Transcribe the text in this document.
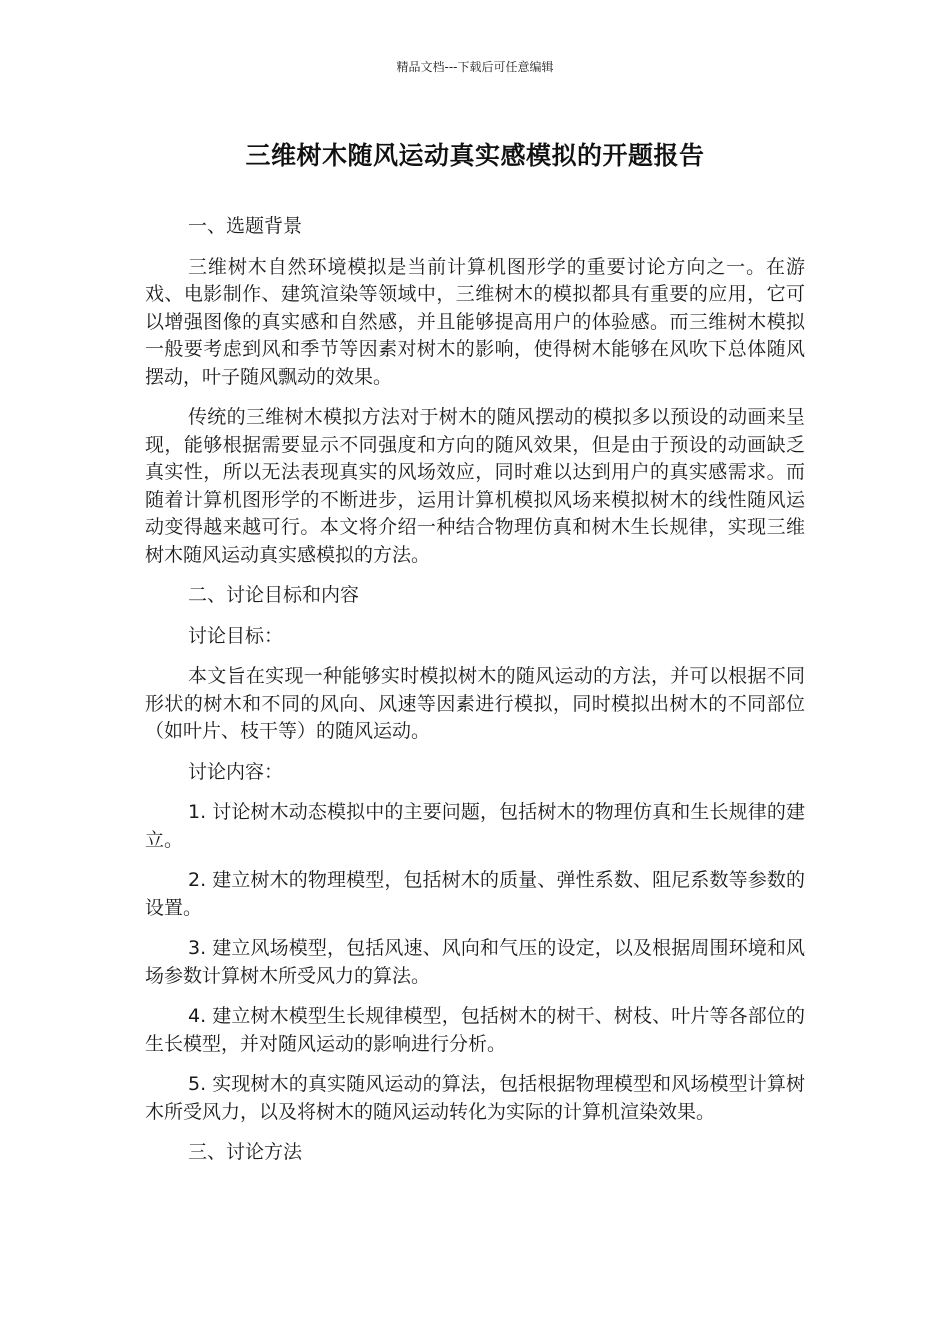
精品文档---下载后可任意编辑
三维树木随风运动真实感模拟的开题报告

一、选题背景

三维树木自然环境模拟是当前计算机图形学的重要讨论方向之一。在游戏、电影制作、建筑渲染等领域中，三维树木的模拟都具有重要的应用，它可以增强图像的真实感和自然感，并且能够提高用户的体验感。而三维树木模拟一般要考虑到风和季节等因素对树木的影响，使得树木能够在风吹下总体随风摆动，叶子随风飘动的效果。

传统的三维树木模拟方法对于树木的随风摆动的模拟多以预设的动画来呈现，能够根据需要显示不同强度和方向的随风效果，但是由于预设的动画缺乏真实性，所以无法表现真实的风场效应，同时难以达到用户的真实感需求。而随着计算机图形学的不断进步，运用计算机模拟风场来模拟树木的线性随风运动变得越来越可行。本文将介绍一种结合物理仿真和树木生长规律，实现三维树木随风运动真实感模拟的方法。

二、讨论目标和内容

讨论目标：

本文旨在实现一种能够实时模拟树木的随风运动的方法，并可以根据不同形状的树木和不同的风向、风速等因素进行模拟，同时模拟出树木的不同部位（如叶片、枝干等）的随风运动。

讨论内容：

1. 讨论树木动态模拟中的主要问题，包括树木的物理仿真和生长规律的建立。

2. 建立树木的物理模型，包括树木的质量、弹性系数、阻尼系数等参数的设置。

3. 建立风场模型，包括风速、风向和气压的设定，以及根据周围环境和风场参数计算树木所受风力的算法。

4. 建立树木模型生长规律模型，包括树木的树干、树枝、叶片等各部位的生长模型，并对随风运动的影响进行分析。

5. 实现树木的真实随风运动的算法，包括根据物理模型和风场模型计算树木所受风力，以及将树木的随风运动转化为实际的计算机渲染效果。

三、讨论方法
